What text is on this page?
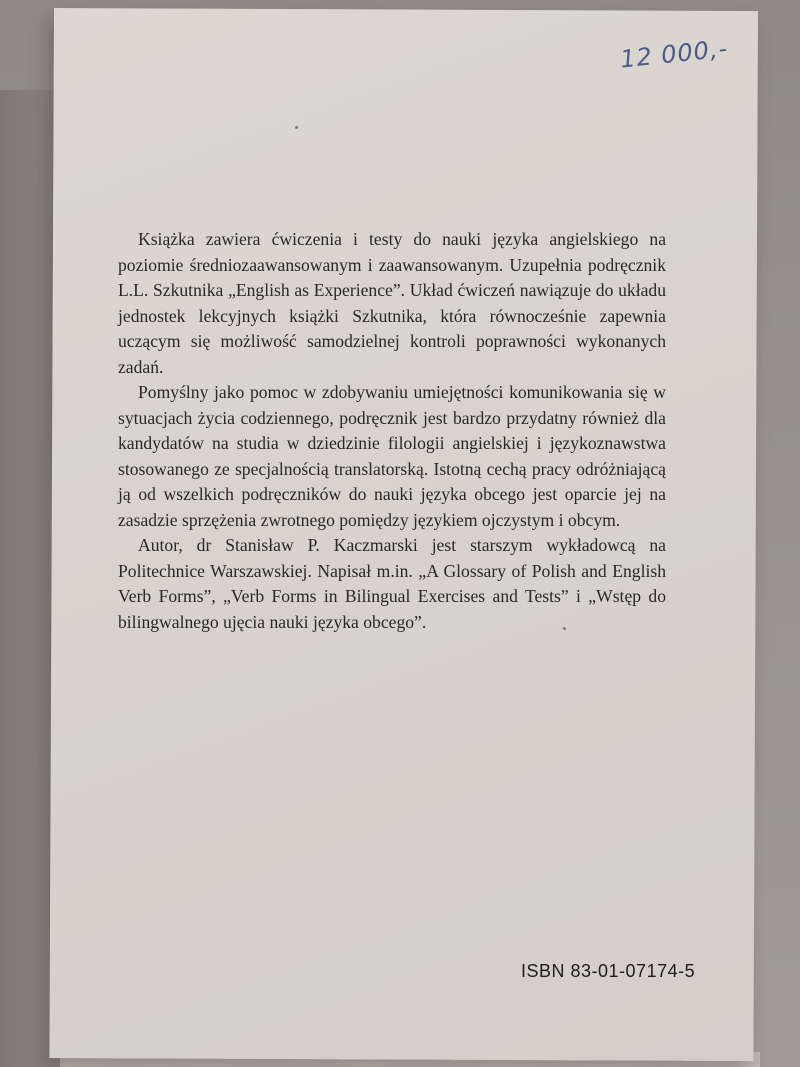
12 000,-

Książka zawiera ćwiczenia i testy do nauki języka angielskiego na poziomie średniozaawansowanym i zaawansowanym. Uzupełnia podręcznik L.L. Szkutnika „English as Experience”. Układ ćwiczeń nawiązuje do układu jednostek lekcyjnych książki Szkutnika, która równocześnie zapewnia uczącym się możliwość samodzielnej kontroli poprawności wykonanych zadań.

Pomyślny jako pomoc w zdobywaniu umiejętności komunikowania się w sytuacjach życia codziennego, podręcznik jest bardzo przydatny również dla kandydatów na studia w dziedzinie filologii angielskiej i językoznawstwa stosowanego ze specjalnością translatorską. Istotną cechą pracy odróżniającą ją od wszelkich podręczników do nauki języka obcego jest oparcie jej na zasadzie sprzężenia zwrotnego pomiędzy językiem ojczystym i obcym.

Autor, dr Stanisław P. Kaczmarski jest starszym wykładowcą na Politechnice Warszawskiej. Napisał m.in. „A Glossary of Polish and English Verb Forms”, „Verb Forms in Bilingual Exercises and Tests” i „Wstęp do bilingwalnego ujęcia nauki języka obcego”.

ISBN 83-01-07174-5
